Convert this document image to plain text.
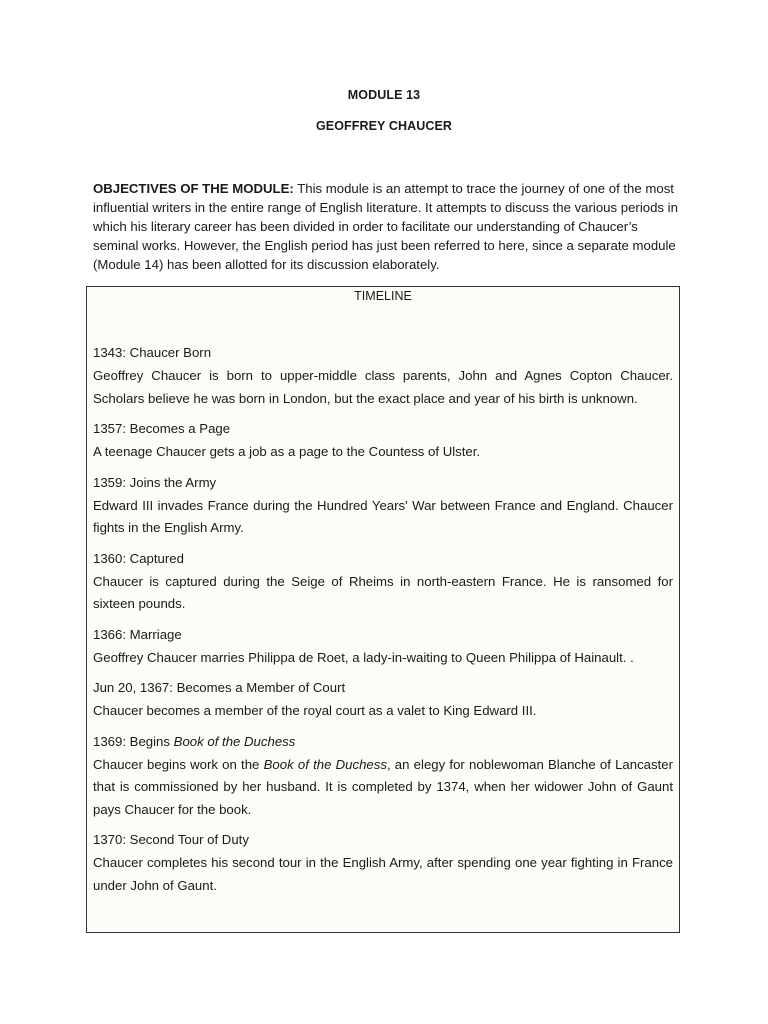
MODULE 13
GEOFFREY CHAUCER

OBJECTIVES OF THE MODULE: This module is an attempt to trace the journey of one of the most influential writers in the entire range of English literature. It attempts to discuss the various periods in which his literary career has been divided in order to facilitate our understanding of Chaucer’s seminal works. However, the English period has just been referred to here, since a separate module (Module 14) has been allotted for its discussion elaborately.

TIMELINE
1343: Chaucer Born

Geoffrey Chaucer is born to upper-middle class parents, John and Agnes Copton Chaucer. Scholars believe he was born in London, but the exact place and year of his birth is unknown.

1357: Becomes a Page

A teenage Chaucer gets a job as a page to the Countess of Ulster.

1359: Joins the Army

Edward III invades France during the Hundred Years' War between France and England. Chaucer fights in the English Army.

1360: Captured

Chaucer is captured during the Seige of Rheims in north-eastern France. He is ransomed for sixteen pounds.

1366: Marriage

Geoffrey Chaucer marries Philippa de Roet, a lady-in-waiting to Queen Philippa of Hainault. .

Jun 20, 1367: Becomes a Member of Court

Chaucer becomes a member of the royal court as a valet to King Edward III.

1369: Begins Book of the Duchess

Chaucer begins work on the Book of the Duchess, an elegy for noblewoman Blanche of Lancaster that is commissioned by her husband. It is completed by 1374, when her widower John of Gaunt pays Chaucer for the book.

1370: Second Tour of Duty

Chaucer completes his second tour in the English Army, after spending one year fighting in France under John of Gaunt.
